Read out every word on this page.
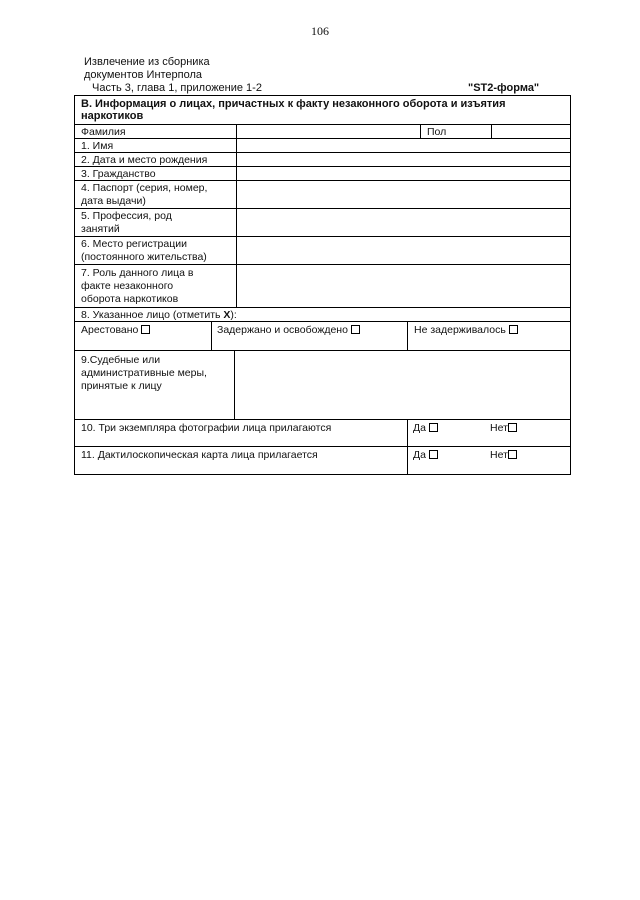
106
Извлечение из сборника
документов Интерпола
Часть 3, глава 1, приложение 1-2	"ST2-форма"
B. Информация о лицах, причастных к факту незаконного оборота и изъятия
наркотиков
Фамилия	Пол
1. Имя
2. Дата и место рождения
3. Гражданство
4. Паспорт (серия, номер,
дата выдачи)
5. Профессия, род
занятий
6. Место регистрации
(постоянного жительства)
7. Роль данного лица в
факте незаконного
оборота наркотиков
8. Указанное лицо (отметить X):
Арестовано	Задержано и освобождено	Не задерживалось
9.Судебные или
административные меры,
принятые к лицу
10. Три экземпляра фотографии лица прилагаются	Да	Нет
11. Дактилоскопическая карта лица прилагается	Да	Нет
